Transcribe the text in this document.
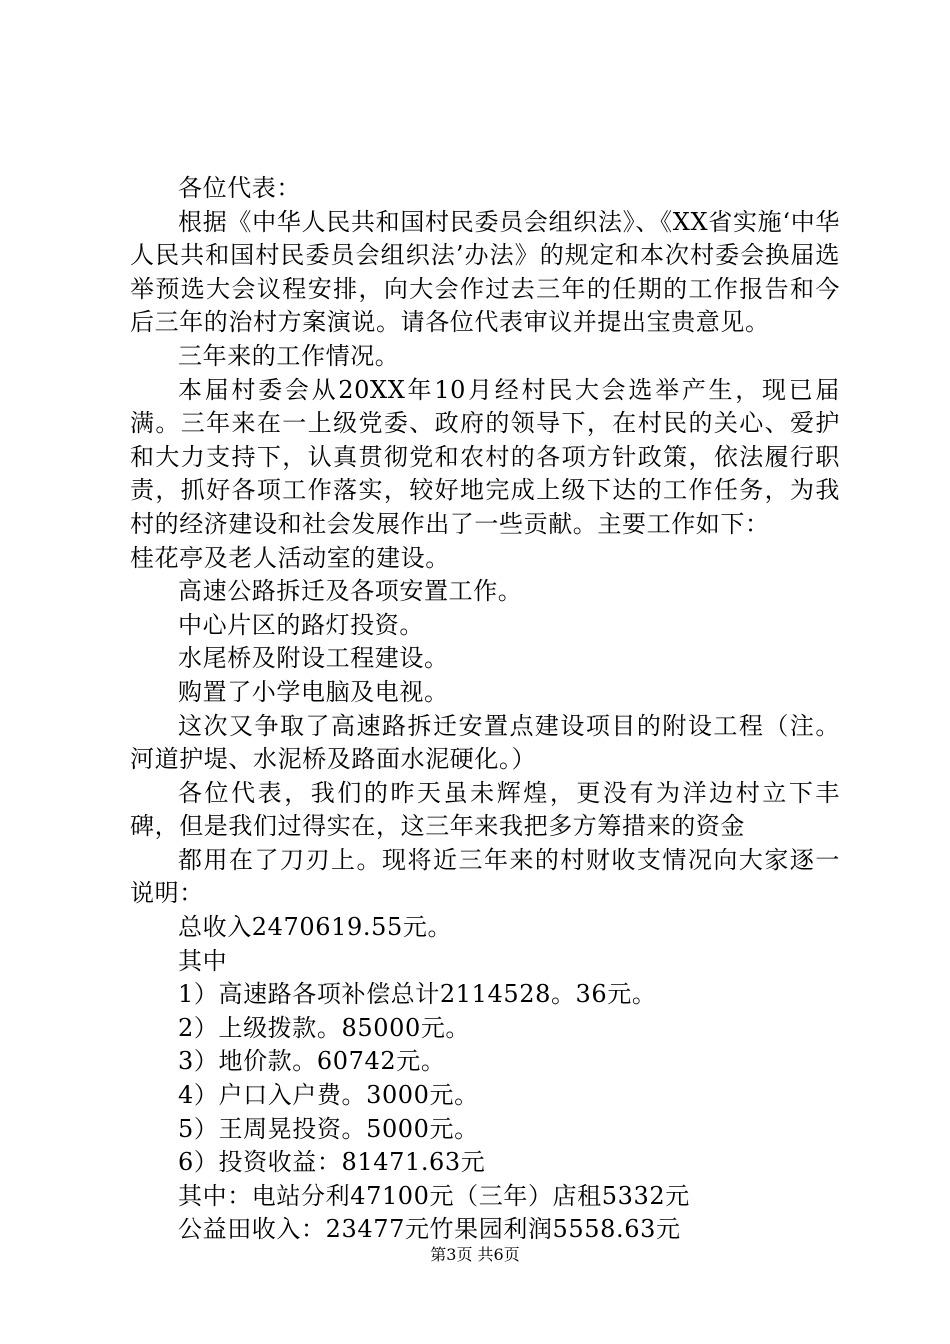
各位代表：

根据《中华人民共和国村民委员会组织法》、《XX省实施‘中华人民共和国村民委员会组织法’办法》的规定和本次村委会换届选举预选大会议程安排，向大会作过去三年的任期的工作报告和今后三年的治村方案演说。请各位代表审议并提出宝贵意见。

三年来的工作情况。

本届村委会从20XX年10月经村民大会选举产生，现已届满。三年来在一上级党委、政府的领导下，在村民的关心、爱护和大力支持下，认真贯彻党和农村的各项方针政策，依法履行职责，抓好各项工作落实，较好地完成上级下达的工作任务，为我村的经济建设和社会发展作出了一些贡献。主要工作如下：

桂花亭及老人活动室的建设。

高速公路拆迁及各项安置工作。

中心片区的路灯投资。

水尾桥及附设工程建设。

购置了小学电脑及电视。

这次又争取了高速路拆迁安置点建设项目的附设工程（注。河道护堤、水泥桥及路面水泥硬化。）

各位代表，我们的昨天虽未辉煌，更没有为洋边村立下丰碑，但是我们过得实在，这三年来我把多方筹措来的资金

都用在了刀刃上。现将近三年来的村财收支情况向大家逐一说明：

总收入2470619.55元。

其中

1）高速路各项补偿总计2114528。36元。

2）上级拨款。85000元。

3）地价款。60742元。

4）户口入户费。3000元。

5）王周晃投资。5000元。

6）投资收益：81471.63元

其中：电站分利47100元（三年）店租5332元

公益田收入：23477元竹果园利润5558.63元

第3页 共6页
